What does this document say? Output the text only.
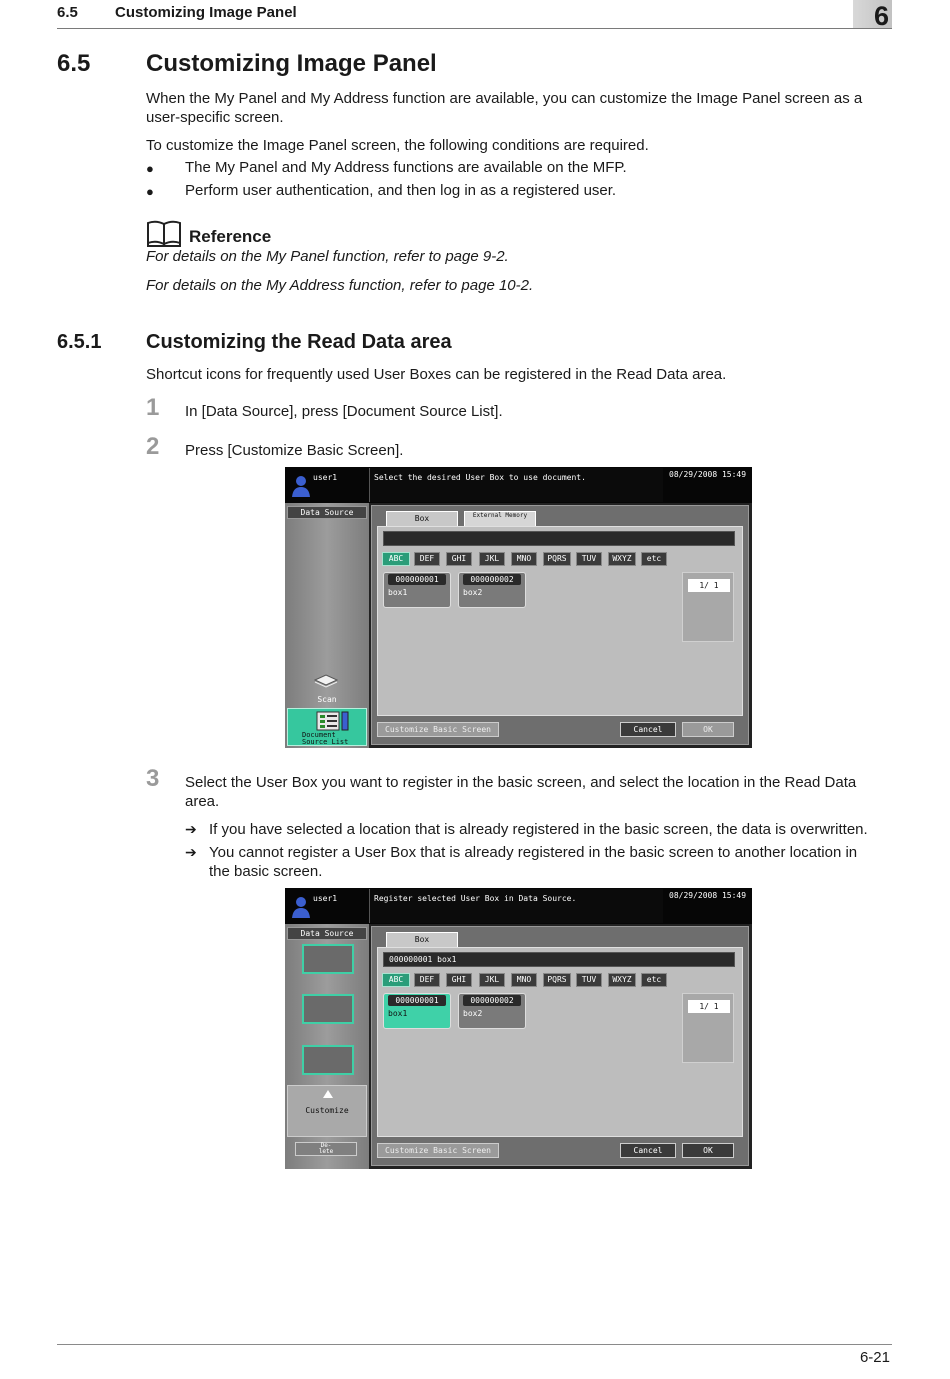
6.5 Customizing Image Panel	6
6.5 Customizing Image Panel
When the My Panel and My Address function are available, you can customize the Image Panel screen as a
user-specific screen.
To customize the Image Panel screen, the following conditions are required.
● The My Panel and My Address functions are available on the MFP.
● Perform user authentication, and then log in as a registered user.
Reference
For details on the My Panel function, refer to page 9-2.
For details on the My Address function, refer to page 10-2.
6.5.1 Customizing the Read Data area
Shortcut icons for frequently used User Boxes can be registered in the Read Data area.
1 In [Data Source], press [Document Source List].
2 Press [Customize Basic Screen].
user1	Select the desired User Box to use document.	08/29/2008 15:49
Data Source
Scan
Document
Source List
Box	External Memory
ABC	DEF	GHI	JKL	MNO	PQRS	TUV	WXYZ	etc
000000001
box1
000000002
box2
1/ 1
Customize Basic Screen	Cancel	OK
3 Select the User Box you want to register in the basic screen, and select the location in the Read Data
area.
➔ If you have selected a location that is already registered in the basic screen, the data is overwritten.
➔ You cannot register a User Box that is already registered in the basic screen to another location in
the basic screen.
user1	Register selected User Box in Data Source.	08/29/2008 15:49
Data Source
Customize
De-
lete
Box
000000001 box1
ABC	DEF	GHI	JKL	MNO	PQRS	TUV	WXYZ	etc
000000001
box1
000000002
box2
1/ 1
Customize Basic Screen	Cancel	OK
6-21
